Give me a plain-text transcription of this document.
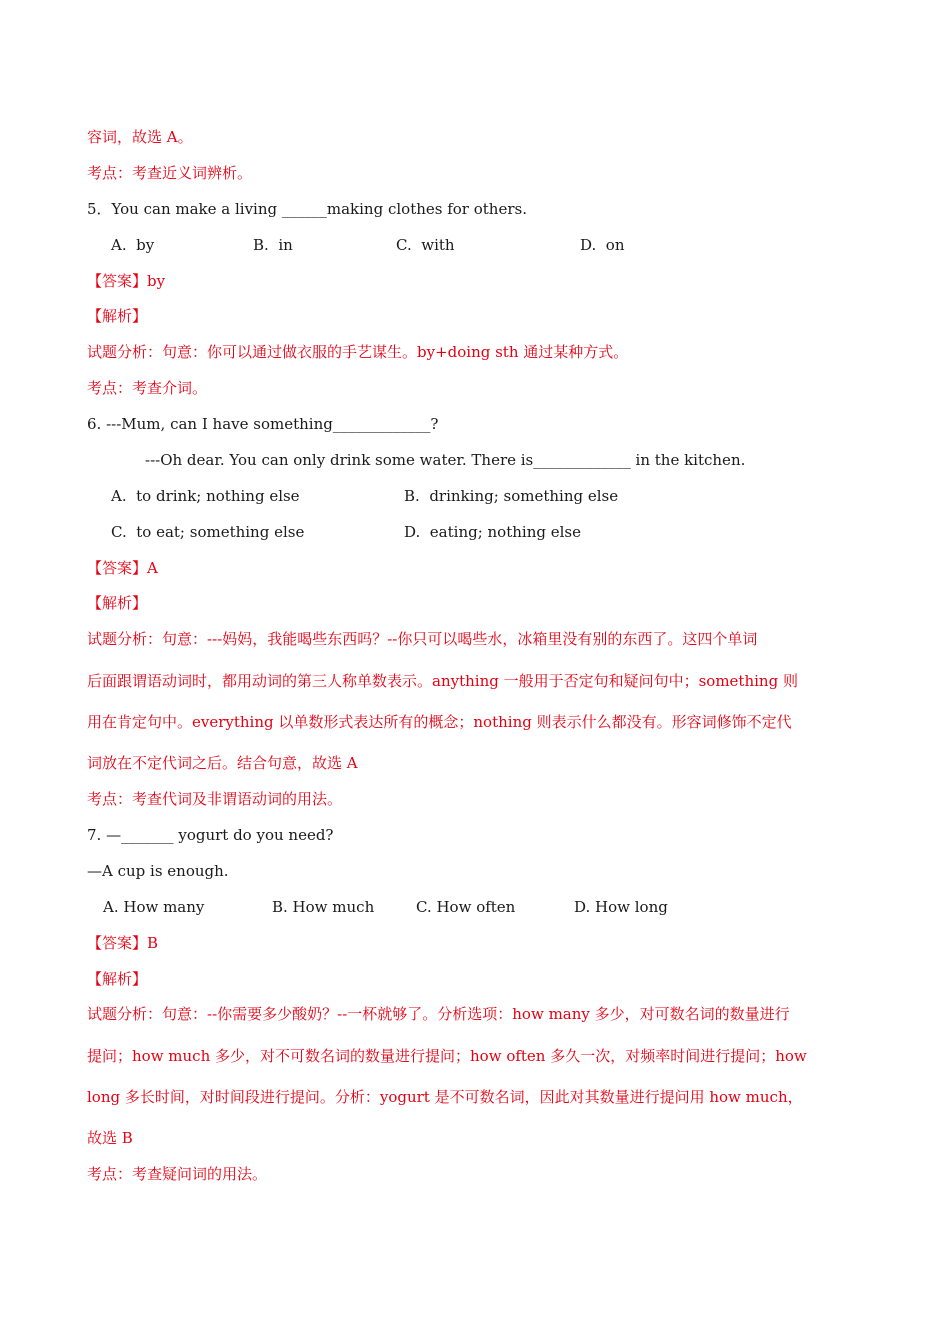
容词，故选 A。
考点：考查近义词辨析。
5．You can make a living ______making clothes for others.
A.  by	B.  in	C.  with	D.  on
【答案】by
【解析】
试题分析：句意：你可以通过做衣服的手艺谋生。by+doing sth 通过某种方式。
考点：考查介词。
6. ---Mum, can I have something_____________?
---Oh dear. You can only drink some water. There is_____________ in the kitchen.
A.  to drink; nothing else	B.  drinking; something else
C.  to eat; something else	D.  eating; nothing else
【答案】A
【解析】
试题分析：句意：---妈妈，我能喝些东西吗？--你只可以喝些水，冰箱里没有别的东西了。这四个单词
后面跟谓语动词时，都用动词的第三人称单数表示。anything 一般用于否定句和疑问句中；something 则
用在肯定句中。everything 以单数形式表达所有的概念；nothing 则表示什么都没有。形容词修饰不定代
词放在不定代词之后。结合句意，故选 A
考点：考查代词及非谓语动词的用法。
7. —_______ yogurt do you need?
—A cup is enough.
A. How many	B. How much	C. How often	D. How long
【答案】B
【解析】
试题分析：句意：--你需要多少酸奶？--一杯就够了。分析选项：how many 多少，对可数名词的数量进行
提问；how much 多少，对不可数名词的数量进行提问；how often 多久一次，对频率时间进行提问；how
long 多长时间，对时间段进行提问。分析：yogurt 是不可数名词，因此对其数量进行提问用 how much，
故选 B
考点：考查疑问词的用法。
